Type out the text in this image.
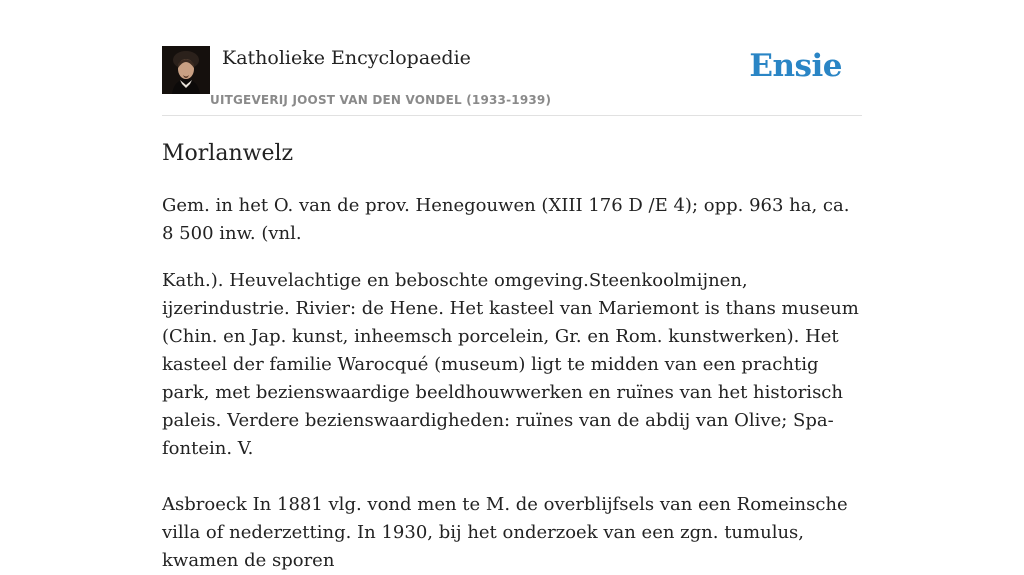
Katholieke Encyclopaedie
UITGEVERIJ JOOST VAN DEN VONDEL (1933-1939)
Ensie
Morlanwelz

Gem. in het O. van de prov. Henegouwen (XIII 176 D /E 4); opp. 963 ha, ca. 8 500 inw. (vnl.

Kath.). Heuvelachtige en beboschte omgeving.Steenkoolmijnen, ijzerindustrie. Rivier: de Hene. Het kasteel van Mariemont is thans museum (Chin. en Jap. kunst, inheemsch porcelein, Gr. en Rom. kunstwerken). Het kasteel der familie Warocqué (museum) ligt te midden van een prachtig park, met bezienswaardige beeldhouwwerken en ruïnes van het historisch paleis. Verdere bezienswaardigheden: ruïnes van de abdij van Olive; Spa-fontein. V.

Asbroeck In 1881 vlg. vond men te M. de overblijfsels van een Romeinsche villa of nederzetting. In 1930, bij het onderzoek van een zgn. tumulus, kwamen de sporen
